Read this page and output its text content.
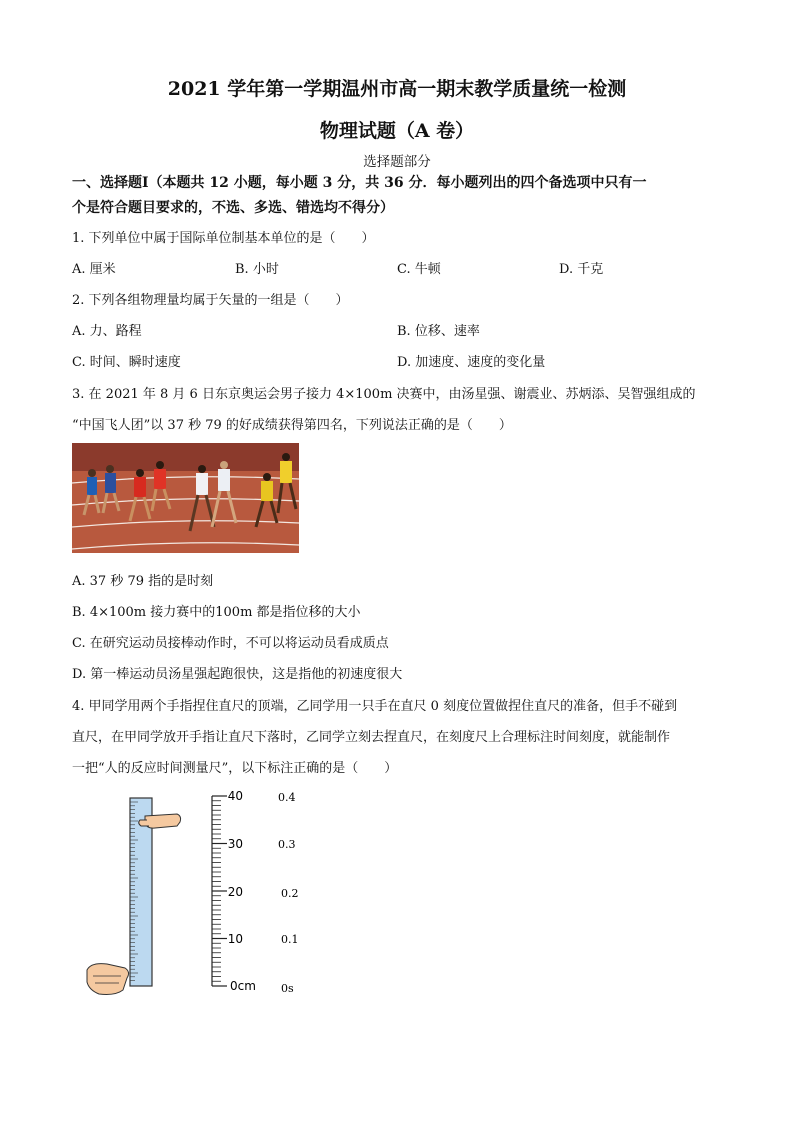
2021 学年第一学期温州市高一期末教学质量统一检测
物理试题（A 卷）
选择题部分
一、选择题Ⅰ（本题共 12 小题，每小题 3 分，共 36 分．每小题列出的四个备选项中只有一
个是符合题目要求的，不选、多选、错选均不得分）
1. 下列单位中属于国际单位制基本单位的是（　　）
A. 厘米	B. 小时	C. 牛顿	D. 千克
2. 下列各组物理量均属于矢量的一组是（　　）
A. 力、路程	B. 位移、速率
C. 时间、瞬时速度	D. 加速度、速度的变化量
3. 在 2021 年 8 月 6 日东京奥运会男子接力 4×100m 决赛中，由汤星强、谢震业、苏炳添、吴智强组成的
“中国飞人团”以 37 秒 79 的好成绩获得第四名，下列说法正确的是（　　）
A. 37 秒 79 指的是时刻
B. 4×100m 接力赛中的100m 都是指位移的大小
C. 在研究运动员接棒动作时，不可以将运动员看成质点
D. 第一棒运动员汤星强起跑很快，这是指他的初速度很大
4. 甲同学用两个手指捏住直尺的顶端，乙同学用一只手在直尺 0 刻度位置做捏住直尺的准备，但手不碰到
直尺，在甲同学放开手指让直尺下落时，乙同学立刻去捏直尺，在刻度尺上合理标注时间刻度，就能制作
一把“人的反应时间测量尺”，以下标注正确的是（　　）
40
30
20
10
0cm
0.4
0.3
0.2
0.1
0s
